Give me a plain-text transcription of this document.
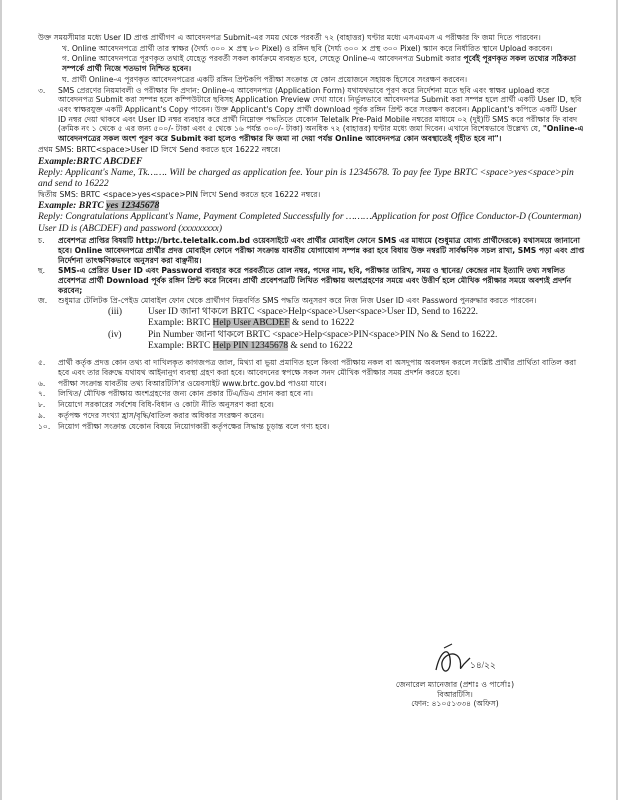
উক্ত সময়সীমার মধ্যে User ID প্রাপ্ত প্রার্থীগণ এ আবেদনপত্র Submit-এর সময় থেকে পরবর্তী ৭২ (বাহাত্তর) ঘণ্টার মধ্যে এসএমএস এ পরীক্ষার ফি জমা দিতে পারবেন।

খ. Online আবেদনপত্রে প্রার্থী তার স্বাক্ষর (দৈর্ঘ্য ৩০০ × প্রস্থ ৮০ Pixel) ও রঙ্গিন ছবি (দৈর্ঘ্য ৩০০ × প্রস্থ ৩০০ Pixel) স্ক্যান করে নির্ধারিত স্থানে Upload করবেন।

গ. Online আবেদনপত্রে পূরণকৃত তথ্যই যেহেতু পরবর্তী সকল কার্যক্রমে ব্যবহৃত হবে, সেহেতু Online-এ আবেদনপত্র Submit করার পূর্বেই পূরণকৃত সকল তথ্যের সঠিকতা সম্পর্কে প্রার্থী নিজে শতভাগ নিশ্চিত হবেন।

ঘ. প্রার্থী Online-এ পূরণকৃত আবেদনপত্রের একটি রঙ্গিন প্রিন্টকপি পরীক্ষা সংক্রান্ত যে কোন প্রয়োজনে সহায়ক হিসেবে সংরক্ষণ করবেন।

৩.	SMS প্রেরণের নিয়মাবলী ও পরীক্ষার ফি প্রদান: Online-এ আবেদনপত্র (Application Form) যথাযথভাবে পূরণ করে নির্দেশনা মতে ছবি এবং স্বাক্ষর upload করে আবেদনপত্র Submit করা সম্পন্ন হলে কম্পিউটারে ছবিসহ Application Preview দেখা যাবে। নির্ভুলভাবে আবেদনপত্র Submit করা সম্পন্ন হলে প্রার্থী একটি User ID, ছবি এবং স্বাক্ষরযুক্ত একটি Applicant's Copy পাবেন। উক্ত Applicant's Copy প্রার্থী download পূর্বক রঙ্গিন প্রিন্ট করে সংরক্ষণ করবেন। Applicant's কপিতে একটি User ID নম্বর দেয়া থাকবে এবং User ID নম্বর ব্যবহার করে প্রার্থী নিম্নোক্ত পদ্ধতিতে যেকোন Teletalk Pre-Paid Mobile নম্বরের মাধ্যমে ০২ (দুই)টি SMS করে পরীক্ষার ফি বাবদ (ক্রমিক নং ১ থেকে ৫ এর জন্য ৫০০/- টাকা এবং ৫ থেকে ১৬ পর্যন্ত ৩০০/- টাকা) অনধিক ৭২ (বাহাত্তর) ঘণ্টার মধ্যে জমা দিবেন। এখানে বিশেষভাবে উল্লেখ্য যে, "Online-এ আবেদনপত্রের সকল অংশ পূরণ করে Submit করা হলেও পরীক্ষার ফি জমা না দেয়া পর্যন্ত Online আবেদনপত্র কোন অবস্থাতেই গৃহীত হবে না"।

প্রথম SMS: BRTC<space>User ID লিখে Send করতে হবে 16222 নম্বরে।

Example:BRTC ABCDEF

Reply: Applicant's Name, Tk……. Will be charged as application fee. Your pin is 12345678. To pay fee Type BRTC <space>yes<space>pin and send to 16222

দ্বিতীয় SMS: BRTC <space>yes<space>PIN লিখে Send করতে হবে 16222 নম্বরে।

Example: BRTC yes 12345678

Reply: Congratulations Applicant's Name, Payment Completed Successfully for ………Application for post Office Conductor-D (Counterman) User ID is (ABCDEF) and password (xxxxxxxxx)

চ.	প্রবেশপত্র প্রাপ্তির বিষয়টি http://brtc.teletalk.com.bd ওয়েবসাইটে এবং প্রার্থীর মোবাইল ফোনে SMS এর মাধ্যমে (শুধুমাত্র যোগ্য প্রার্থীদেরকে) যথাসময়ে জানানো হবে। Online আবেদনপত্রে প্রার্থীর প্রদত্ত মোবাইল ফোনে পরীক্ষা সংক্রান্ত যাবতীয় যোগাযোগ সম্পন্ন করা হবে বিধায় উক্ত নম্বরটি সার্বক্ষণিক সচল রাখা, SMS পড়া এবং প্রাপ্ত নির্দেশনা তাৎক্ষণিকভাবে অনুসরণ করা বাঞ্ছনীয়।

ছ.	SMS-এ প্রেরিত User ID এবং Password ব্যবহার করে পরবর্তীতে রোল নম্বর, পদের নাম, ছবি, পরীক্ষার তারিখ, সময় ও স্থানের/ কেন্দ্রের নাম ইত্যাদি তথ্য সম্বলিত প্রবেশপত্র প্রার্থী Download পূর্বক রঙ্গিন প্রিন্ট করে নিবেন। প্রার্থী প্রবেশপত্রটি লিখিত পরীক্ষায় অংশগ্রহণের সময়ে এবং উত্তীর্ণ হলে মৌখিক পরীক্ষার সময়ে অবশ্যই প্রদর্শন করবেন;

জ.	শুধুমাত্র টেলিটক প্রি-পেইড মোবাইল ফোন থেকে প্রার্থীগণ নিম্নবর্ণিত SMS পদ্ধতি অনুসরণ করে নিজ নিজ User ID এবং Password পুনরুদ্ধার করতে পারবেন।

(iii)	User ID জানা থাকলে BRTC <space>Help<space>User<space>User ID, Send to 16222.

Example: BRTC Help User ABCDEF & send to 16222

(iv)	Pin Number জানা থাকলে BRTC <space>Help<space>PIN<space>PIN No & Send to 16222.

Example: BRTC Help PIN 12345678 & send to 16222

৫.	প্রার্থী কর্তৃক প্রদত্ত কোন তথ্য বা দাখিলকৃত কাগজপত্র জাল, মিথ্যা বা ভুয়া প্রমাণিত হলে কিংবা পরীক্ষায় নকল বা অসদুপায় অবলম্বন করলে সংশ্লিষ্ট প্রার্থীর প্রার্থিতা বাতিল করা হবে এবং তার বিরুদ্ধে যথাযথ আইনানুগ ব্যবস্থা গ্রহণ করা হবে। আবেদনের স্বপক্ষে সকল সনদ মৌখিক পরীক্ষার সময় প্রদর্শন করতে হবে।

৬.	পরীক্ষা সংক্রান্ত যাবতীয় তথ্য বিআরটিসি'র ওয়েবসাইট www.brtc.gov.bd পাওয়া যাবে।

৭.	লিখিত/ মৌখিক পরীক্ষায় অংশগ্রহণের জন্য কোন প্রকার টিএ/ডিএ প্রদান করা হবে না।

৮.	নিয়োগে সরকারের সর্বশেষ বিধি-বিধান ও কোটা নীতি অনুসরণ করা হবে।

৯.	কর্তৃপক্ষ পদের সংখ্যা হ্রাস/বৃদ্ধি/বাতিল করার অধিকার সংরক্ষণ করেন।

১০.	নিয়োগ পরীক্ষা সংক্রান্ত যেকোন বিষয়ে নিয়োগকারী কর্তৃপক্ষের সিদ্ধান্ত চূড়ান্ত বলে গণ্য হবে।

১৪/২২

জেনারেল ম্যানেজার (প্রশাঃ ও পার্সোঃ)

বিআরটিসি।

ফোন: ৪১০৫১৩৩৪ (অফিস)
